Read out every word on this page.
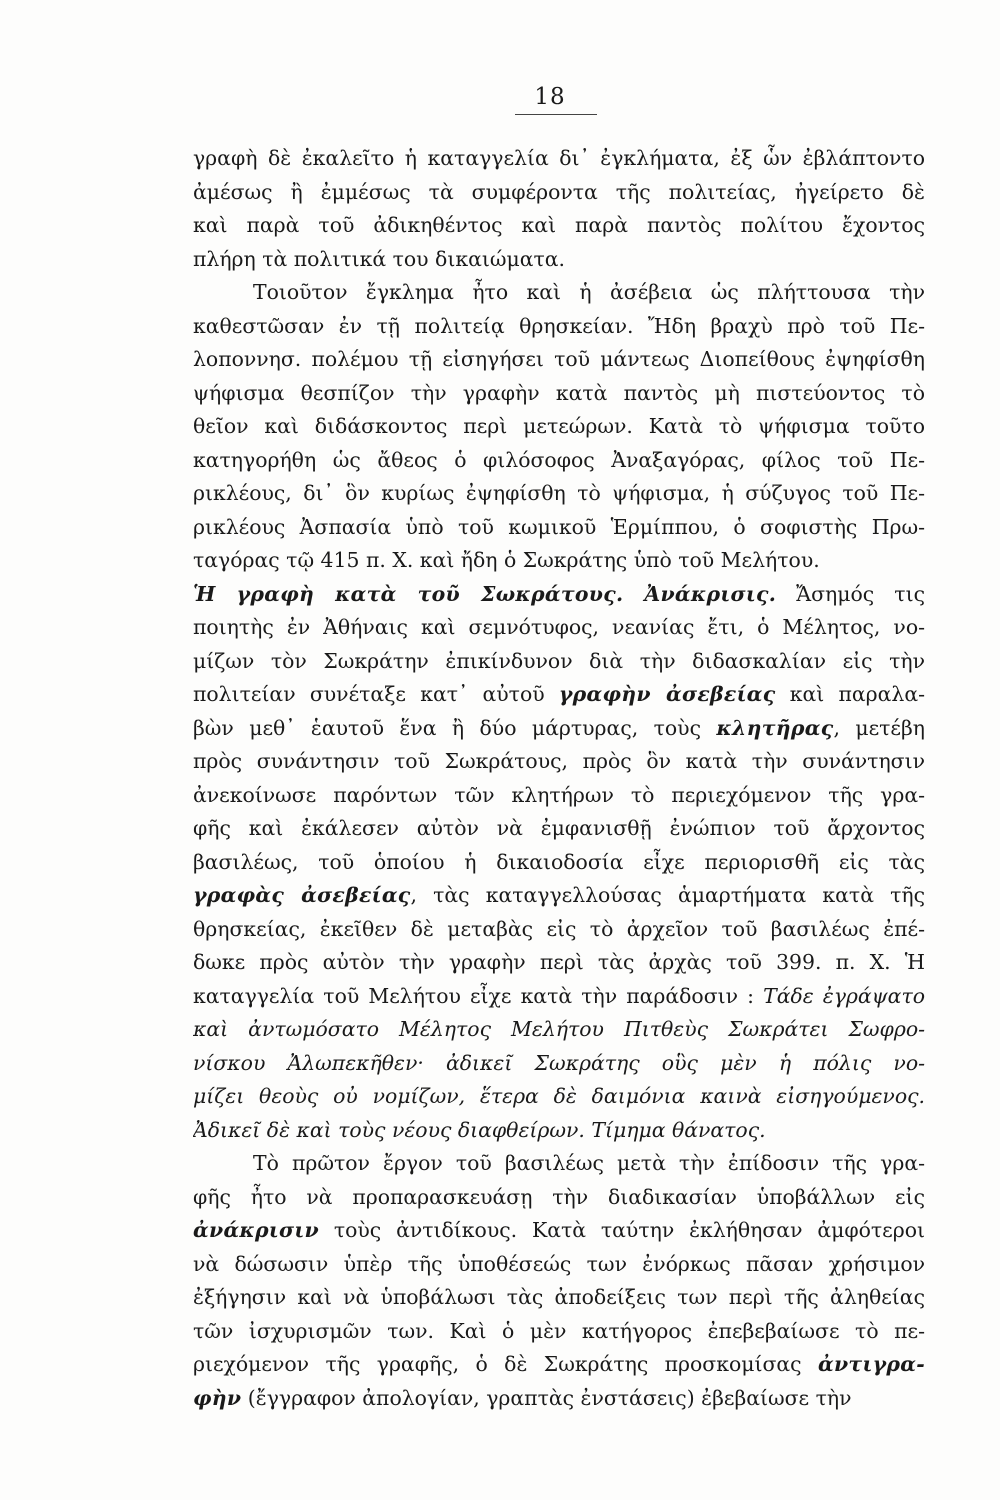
18
γραφὴ δὲ ἐκαλεῖτο ἡ καταγγελία δι᾽ ἐγκλήματα, ἐξ ὧν ἐβλάπτοντο
ἀμέσως ἢ ἐμμέσως τὰ συμφέροντα τῆς πολιτείας, ἠγείρετο δὲ
καὶ παρὰ τοῦ ἀδικηθέντος καὶ παρὰ παντὸς πολίτου ἔχοντος
πλήρη τὰ πολιτικά του δικαιώματα.
Τοιοῦτον ἔγκλημα ἦτο καὶ ἡ ἀσέβεια ὡς πλήττουσα τὴν
καθεστῶσαν ἐν τῇ πολιτείᾳ θρησκείαν. Ἤδη βραχὺ πρὸ τοῦ Πε-
λοποννησ. πολέμου τῇ εἰσηγήσει τοῦ μάντεως Διοπείθους ἐψηφίσθη
ψήφισμα θεσπίζον τὴν γραφὴν κατὰ παντὸς μὴ πιστεύοντος τὸ
θεῖον καὶ διδάσκοντος περὶ μετεώρων. Κατὰ τὸ ψήφισμα τοῦτο
κατηγορήθη ὡς ἄθεος ὁ φιλόσοφος Ἀναξαγόρας, φίλος τοῦ Πε-
ρικλέους, δι᾽ ὃν κυρίως ἐψηφίσθη τὸ ψήφισμα, ἡ σύζυγος τοῦ Πε-
ρικλέους Ἀσπασία ὑπὸ τοῦ κωμικοῦ Ἑρμίππου, ὁ σοφιστὴς Πρω-
ταγόρας τῷ 415 π. Χ. καὶ ἤδη ὁ Σωκράτης ὑπὸ τοῦ Μελήτου.
Ἡ γραφὴ κατὰ τοῦ Σωκράτους. Ἀνάκρισις. Ἄσημός τις
ποιητὴς ἐν Ἀθήναις καὶ σεμνότυφος, νεανίας ἔτι, ὁ Μέλητος, νο-
μίζων τὸν Σωκράτην ἐπικίνδυνον διὰ τὴν διδασκαλίαν εἰς τὴν
πολιτείαν συνέταξε κατ᾽ αὐτοῦ γραφὴν ἀσεβείας καὶ παραλα-
βὼν μεθ᾽ ἑαυτοῦ ἕνα ἢ δύο μάρτυρας, τοὺς κλητῆρας, μετέβη
πρὸς συνάντησιν τοῦ Σωκράτους, πρὸς ὃν κατὰ τὴν συνάντησιν
ἀνεκοίνωσε παρόντων τῶν κλητήρων τὸ περιεχόμενον τῆς γρα-
φῆς καὶ ἐκάλεσεν αὐτὸν νὰ ἐμφανισθῇ ἐνώπιον τοῦ ἄρχοντος
βασιλέως, τοῦ ὁποίου ἡ δικαιοδοσία εἶχε περιορισθῆ εἰς τὰς
γραφὰς ἀσεβείας, τὰς καταγγελλούσας ἁμαρτήματα κατὰ τῆς
θρησκείας, ἐκεῖθεν δὲ μεταβὰς εἰς τὸ ἀρχεῖον τοῦ βασιλέως ἐπέ-
δωκε πρὸς αὐτὸν τὴν γραφὴν περὶ τὰς ἀρχὰς τοῦ 399. π. Χ. Ἡ
καταγγελία τοῦ Μελήτου εἶχε κατὰ τὴν παράδοσιν : Τάδε ἐγράψατο
καὶ ἀντωμόσατο Μέλητος Μελήτου Πιτθεὺς Σωκράτει Σωφρο-
νίσκου Ἀλωπεκῆθεν· ἀδικεῖ Σωκράτης οὓς μὲν ἡ πόλις νο-
μίζει θεοὺς οὐ νομίζων, ἕτερα δὲ δαιμόνια καινὰ εἰσηγούμενος.
Ἀδικεῖ δὲ καὶ τοὺς νέους διαφθείρων. Τίμημα θάνατος.
Τὸ πρῶτον ἔργον τοῦ βασιλέως μετὰ τὴν ἐπίδοσιν τῆς γρα-
φῆς ἦτο νὰ προπαρασκευάσῃ τὴν διαδικασίαν ὑποβάλλων εἰς
ἀνάκρισιν τοὺς ἀντιδίκους. Κατὰ ταύτην ἐκλήθησαν ἀμφότεροι
νὰ δώσωσιν ὑπὲρ τῆς ὑποθέσεώς των ἐνόρκως πᾶσαν χρήσιμον
ἐξήγησιν καὶ νὰ ὑποβάλωσι τὰς ἀποδείξεις των περὶ τῆς ἀληθείας
τῶν ἰσχυρισμῶν των. Καὶ ὁ μὲν κατήγορος ἐπεβεβαίωσε τὸ πε-
ριεχόμενον τῆς γραφῆς, ὁ δὲ Σωκράτης προσκομίσας ἀντιγρα-
φὴν (ἔγγραφον ἀπολογίαν, γραπτὰς ἐνστάσεις) ἐβεβαίωσε τὴν
